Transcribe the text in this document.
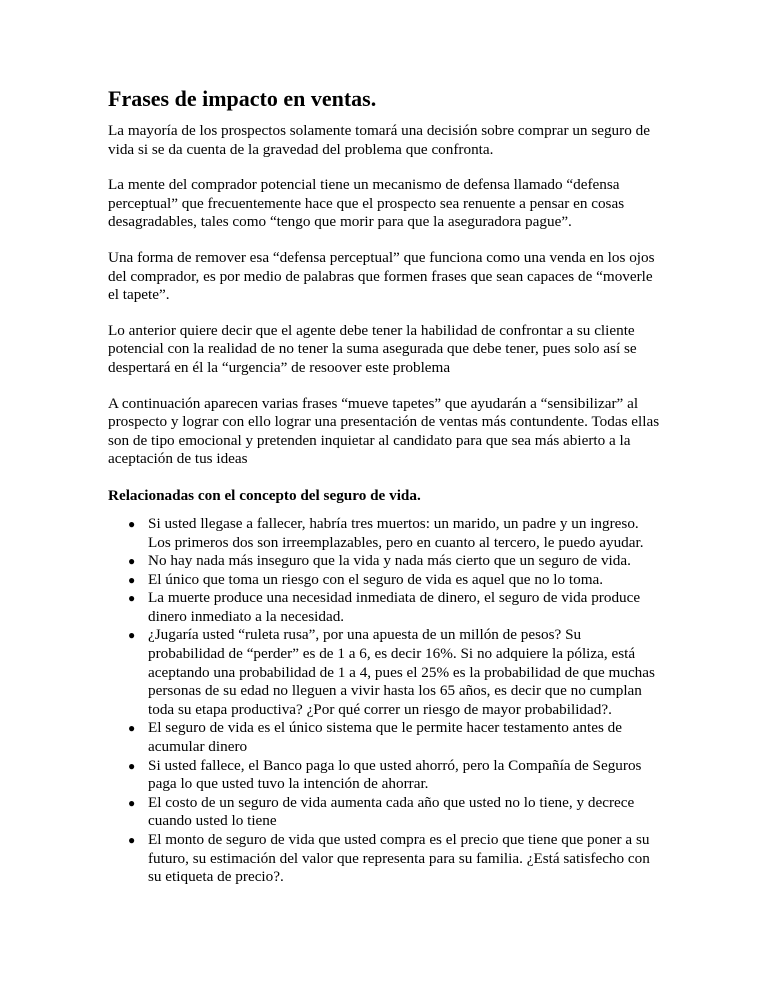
Frases de impacto en ventas.

La mayoría de los prospectos solamente tomará una decisión sobre comprar un seguro de vida si se da cuenta de la gravedad del problema que confronta.

La mente del comprador potencial tiene un mecanismo de defensa llamado “defensa perceptual” que frecuentemente hace que el prospecto sea renuente a pensar en cosas desagradables, tales como “tengo que morir para que la aseguradora pague”.

Una forma de remover esa “defensa perceptual” que funciona como una venda en los ojos del comprador, es por medio de palabras que formen frases que sean capaces de “moverle el tapete”.

Lo anterior quiere decir que el agente debe tener la habilidad de confrontar a su cliente potencial con la realidad de no tener la suma asegurada que debe tener, pues solo así se despertará en él la “urgencia” de resoover este problema

A continuación aparecen varias frases “mueve tapetes” que ayudarán a “sensibilizar” al prospecto y lograr con ello lograr una presentación de ventas más contundente. Todas ellas son de tipo emocional y pretenden inquietar al candidato para que sea más abierto a la aceptación de tus ideas

Relacionadas con el concepto del seguro de vida.
● Si usted llegase a fallecer, habría tres muertos: un marido, un padre y un ingreso. Los primeros dos son irreemplazables, pero en cuanto al tercero, le puedo ayudar.
● No hay nada más inseguro que la vida y nada más cierto que un seguro de vida.
● El único que toma un riesgo con el seguro de vida es aquel que no lo toma.
● La muerte produce una necesidad inmediata de dinero, el seguro de vida produce dinero inmediato a la necesidad.
● ¿Jugaría usted “ruleta rusa”, por una apuesta de un millón de pesos? Su probabilidad de “perder” es de 1 a 6, es decir 16%. Si no adquiere la póliza, está aceptando una probabilidad de 1 a 4, pues el 25% es la probabilidad de que muchas personas de su edad no lleguen a vivir hasta los 65 años, es decir que no cumplan toda su etapa productiva? ¿Por qué correr un riesgo de mayor probabilidad?.
● El seguro de vida es el único sistema que le permite hacer testamento antes de acumular dinero
● Si usted fallece, el Banco paga lo que usted ahorró, pero la Compañía de Seguros paga lo que usted tuvo la intención de ahorrar.
● El costo de un seguro de vida aumenta cada año que usted no lo tiene, y decrece cuando usted lo tiene
● El monto de seguro de vida que usted compra es el precio que tiene que poner a su futuro, su estimación del valor que representa para su familia. ¿Está satisfecho con su etiqueta de precio?.
